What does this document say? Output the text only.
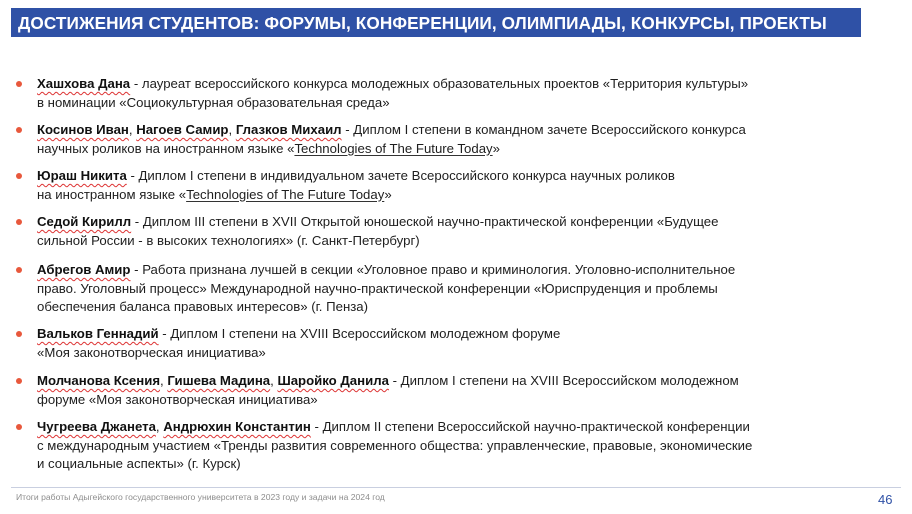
ДОСТИЖЕНИЯ СТУДЕНТОВ: ФОРУМЫ, КОНФЕРЕНЦИИ, ОЛИМПИАДЫ, КОНКУРСЫ, ПРОЕКТЫ
Хашхова Дана - лауреат всероссийского конкурса молодежных образовательных проектов «Территория культуры»
в номинации «Социокультурная образовательная среда»
Косинов Иван, Нагоев Самир, Глазков Михаил - Диплом I степени в командном зачете Всероссийского конкурса
научных роликов на иностранном языке «Technologies of The Future Today»
Юраш Никита - Диплом I степени в индивидуальном зачете Всероссийского конкурса научных роликов
на иностранном языке «Technologies of The Future Today»
Седой Кирилл - Диплом III степени в XVII Открытой юношеской научно-практической конференции «Будущее
сильной России - в высоких технологиях» (г. Санкт-Петербург)
Абрегов Амир - Работа признана лучшей в секции «Уголовное право и криминология. Уголовно-исполнительное
право. Уголовный процесс» Международной научно-практической конференции «Юриспруденция и проблемы
обеспечения баланса правовых интересов» (г. Пенза)
Вальков Геннадий - Диплом I степени на XVIII Всероссийском молодежном форуме
«Моя законотворческая инициатива»
Молчанова Ксения, Гишева Мадина, Шаройко Данила - Диплом I степени на XVIII Всероссийском молодежном
форуме «Моя законотворческая инициатива»
Чугреева Джанета, Андрюхин Константин - Диплом II степени Всероссийской научно-практической конференции
с международным участием «Тренды развития современного общества: управленческие, правовые, экономические
и социальные аспекты» (г. Курск)
Итоги работы Адыгейского государственного университета в 2023 году и задачи на 2024 год	46
